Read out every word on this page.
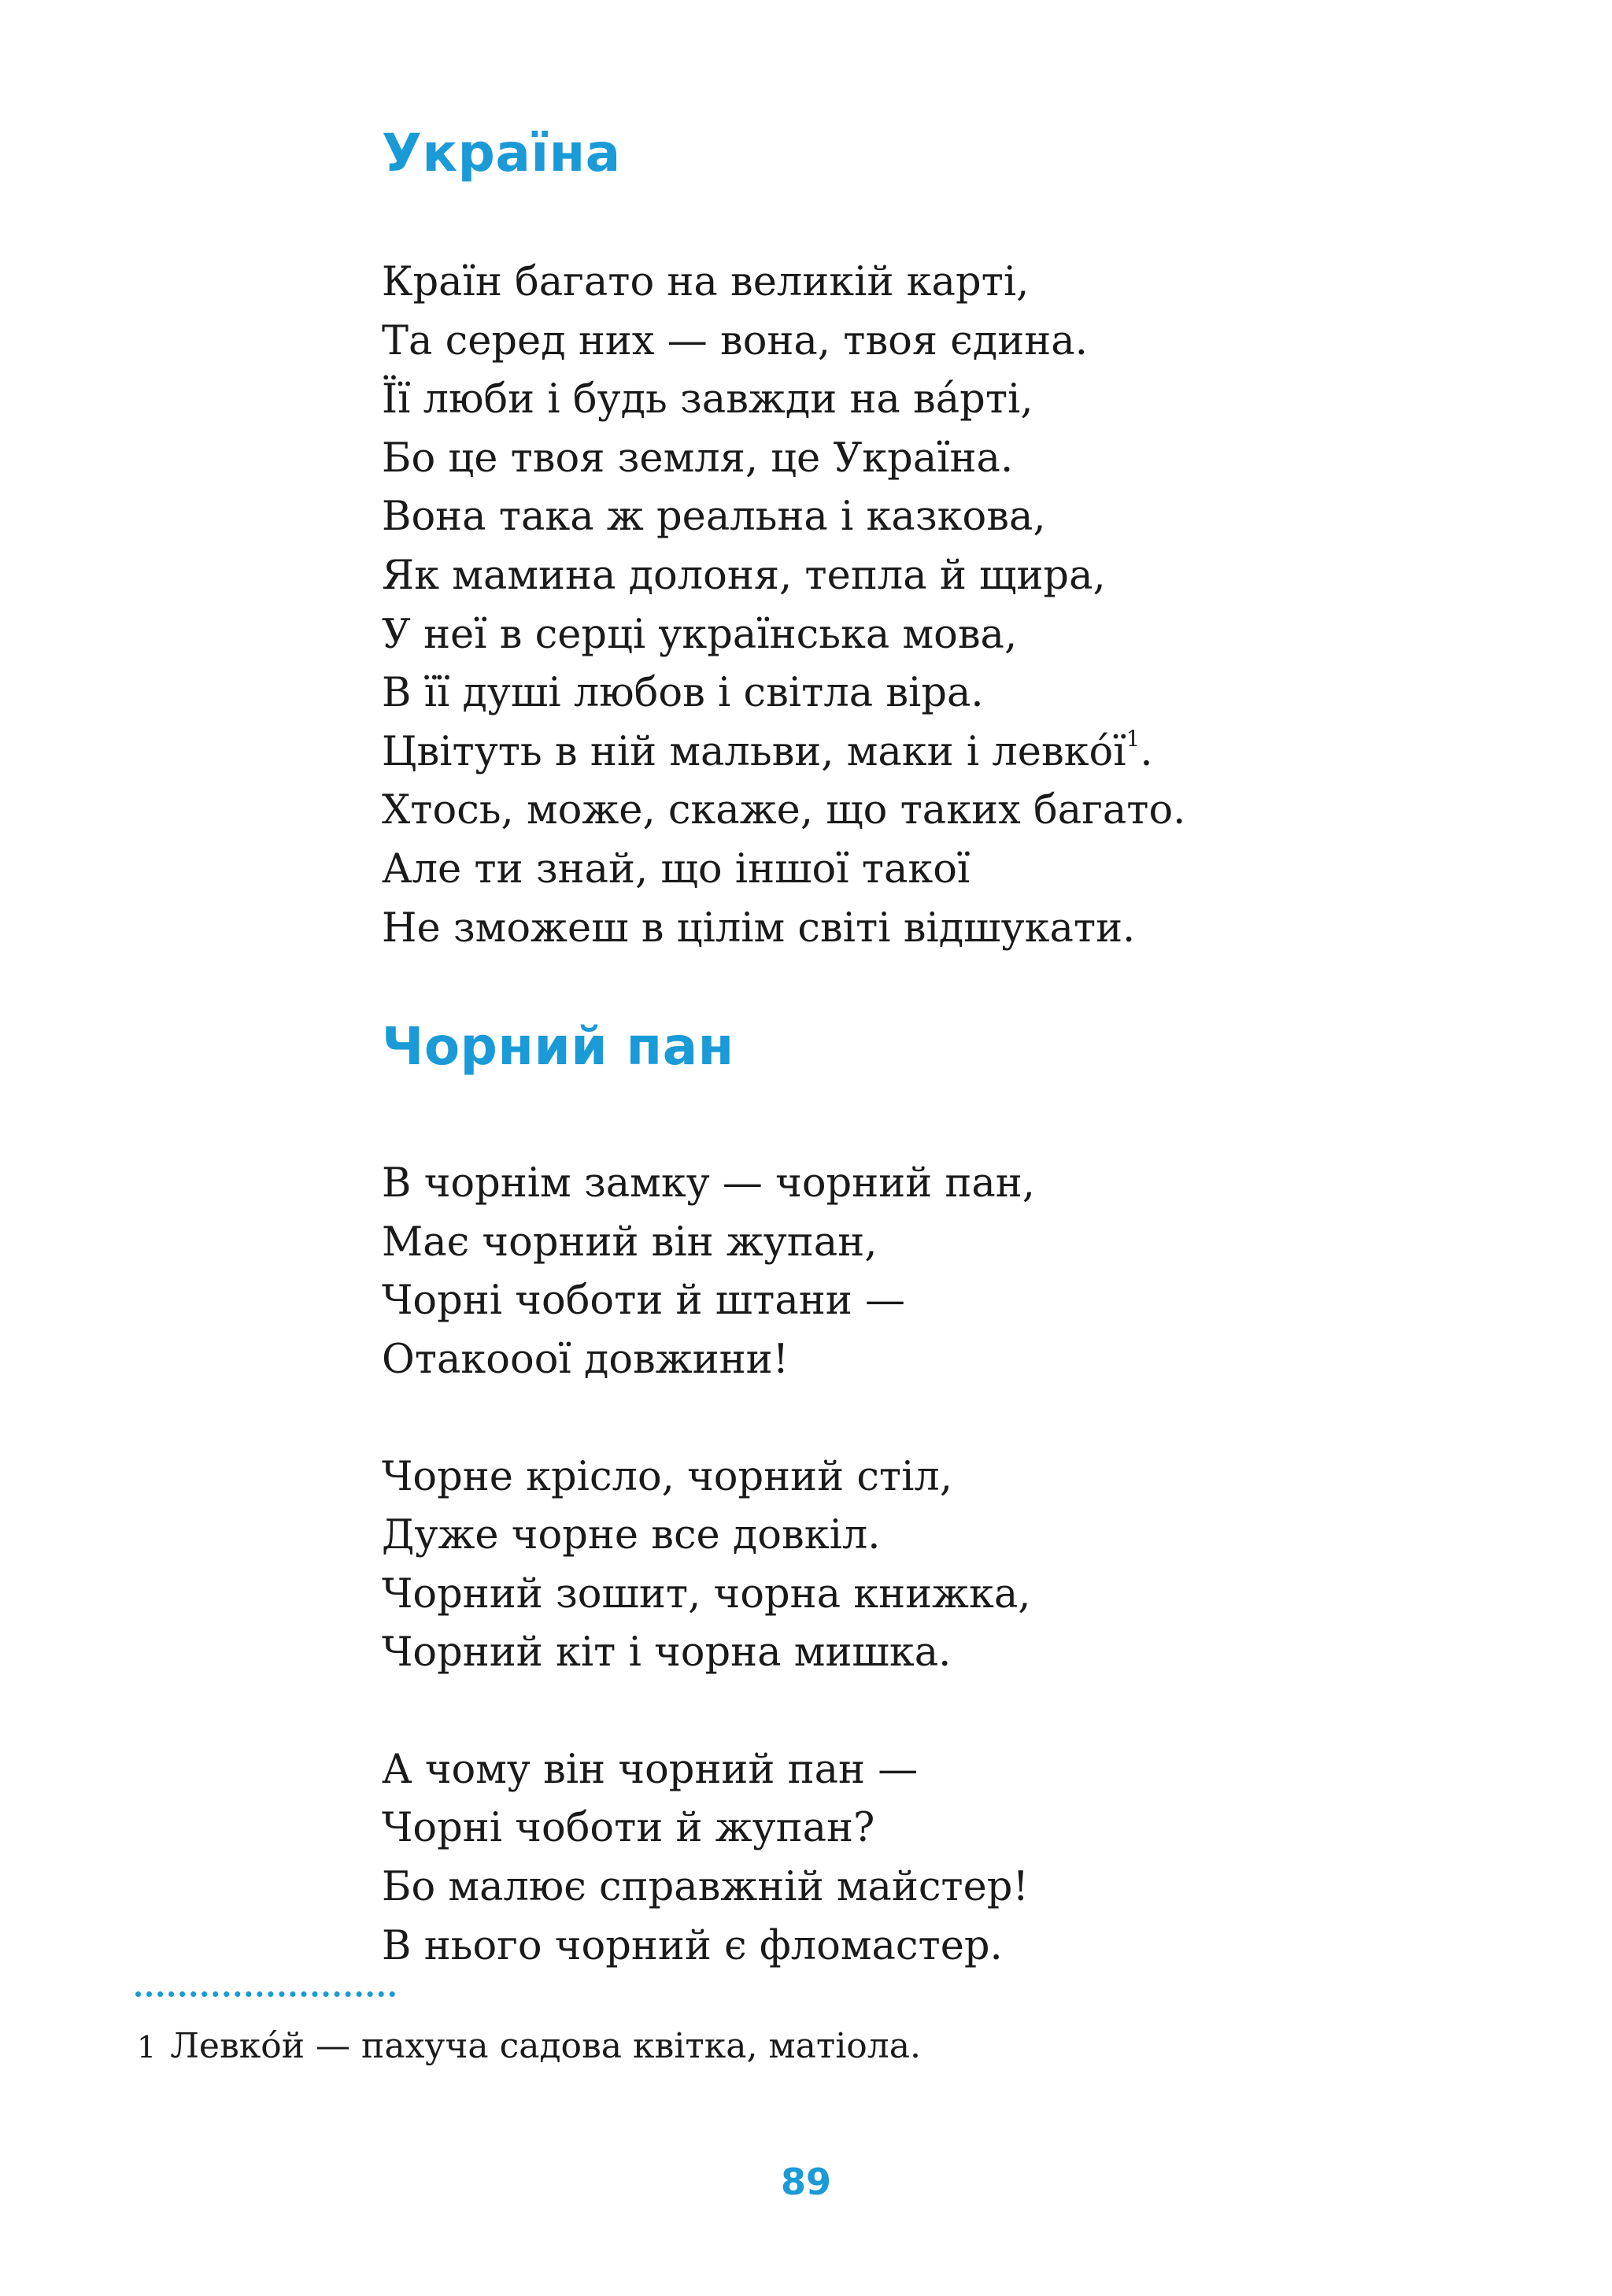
Україна
Країн багато на великій карті,
Та серед них — вона, твоя єдина.
Її люби і будь завжди на ва́рті,
Бо це твоя земля, це Україна.
Вона така ж реальна і казкова,
Як мамина долоня, тепла й щира,
У неї в серці українська мова,
В її душі любов і світла віра.
Цвітуть в ній мальви, маки і левко́ї$^1$.
Хтось, може, скаже, що таких багато.
Але ти знай, що іншої такої
Не зможеш в цілім світі відшукати.
Чорний пан
В чорнім замку — чорний пан,
Має чорний він жупан,
Чорні чоботи й штани —
Отакооої довжини!
Чорне крісло, чорний стіл,
Дуже чорне все довкіл.
Чорний зошит, чорна книжка,
Чорний кіт і чорна мишка.
А чому він чорний пан —
Чорні чоботи й жупан?
Бо малює справжній майстер!
В нього чорний є фломастер.
1 Левко́й — пахуча садова квітка, матіола.
89
